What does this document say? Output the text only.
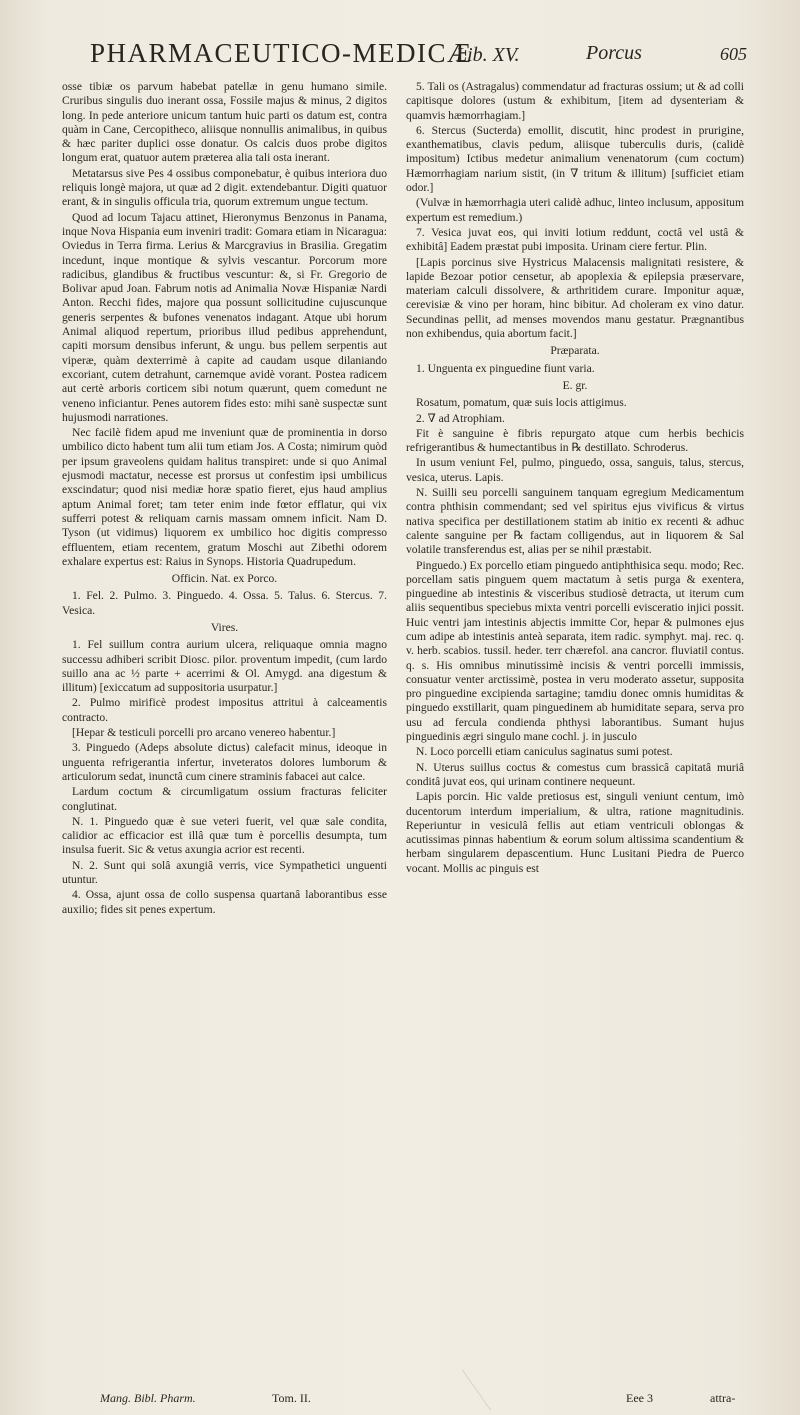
PHARMACEUTICO-MEDICÆ
Lib. XV.	Porcus	605

osse tibiæ os parvum habebat patellæ in genu humano simile. Cruribus singulis duo inerant ossa, Fossile majus & minus, 2 digitos long. In pede anteriore unicum tantum huic parti os datum est, contra quàm in Cane, Cercopitheco, aliisque nonnullis animalibus, in quibus & hæc pariter duplici osse donatur. Os calcis duos probe digitos longum erat, quatuor autem præterea alia tali osta inerant.

Metatarsus sive Pes 4 ossibus componebatur, è quibus interiora duo reliquis longè majora, ut quæ ad 2 digit. extendebantur. Digiti quatuor erant, & in singulis officula tria, quorum extremum ungue tectum.

Quod ad locum Tajacu attinet, Hieronymus Benzonus in Panama, inque Nova Hispania eum inveniri tradit: Gomara etiam in Nicaragua: Oviedus in Terra firma. Lerius & Marcgravius in Brasilia. Gregatim incedunt, inque montique & sylvis vescantur. Porcorum more radicibus, glandibus & fructibus vescuntur: &, si Fr. Gregorio de Bolivar apud Joan. Fabrum notis ad Animalia Novæ Hispaniæ Nardi Anton. Recchi fides, majore qua possunt sollicitudine cujuscunque generis serpentes & bufones venenatos indagant. Atque ubi horum Animal aliquod repertum, prioribus illud pedibus apprehendunt, capiti morsum densibus inferunt, & ungu. bus pellem serpentis aut viperæ, quàm dexterrimè à capite ad caudam usque dilaniando excoriant, cutem detrahunt, carnemque avidè vorant. Postea radicem aut certè arboris corticem sibi notum quærunt, quem comedunt ne veneno inficiantur. Penes autorem fides esto: mihi sanè suspectæ sunt hujusmodi narrationes.

Nec facilè fidem apud me inveniunt quæ de prominentia in dorso umbilico dicto habent tum alii tum etiam Jos. A Costa; nimirum quòd per ipsum graveolens quidam halitus transpiret: unde si quo Animal ejusmodi mactatur, necesse est prorsus ut confestim ipsi umbilicus exscindatur; quod nisi mediæ horæ spatio fieret, ejus haud amplius aptum Animal foret; tam teter enim inde fœtor efflatur, qui vix sufferri potest & reliquam carnis massam omnem inficit. Nam D. Tyson (ut vidimus) liquorem ex umbilico hoc digitis compresso effluentem, etiam recentem, gratum Moschi aut Zibethi odorem exhalare expertus est: Raius in Synops. Historia Quadrupedum.

Officin. Nat. ex Porco.

1. Fel. 2. Pulmo. 3. Pinguedo. 4. Ossa. 5. Talus. 6. Stercus. 7. Vesica.

Vires.

1. Fel suillum contra aurium ulcera, reliquaque omnia magno successu adhiberi scribit Diosc. pilor. proventum impedit, (cum lardo suillo ana ac ½ parte + acerrimi & Ol. Amygd. ana digestum & illitum) [exiccatum ad suppositoria usurpatur.]

2. Pulmo mirificè prodest impositus attritui à calceamentis contracto.

[Hepar & testiculi porcelli pro arcano venereo habentur.]

3. Pinguedo (Adeps absolute dictus) calefacit minus, ideoque in unguenta refrigerantia infertur, inveteratos dolores lumborum & articulorum sedat, inunctâ cum cinere straminis fabacei aut calce.

Lardum coctum & circumligatum ossium fracturas feliciter conglutinat.

N. 1. Pinguedo quæ è sue veteri fuerit, vel quæ sale condita, calidior ac efficacior est illâ quæ tum è porcellis desumpta, tum insulsa fuerit. Sic & vetus axungia acrior est recenti.

N. 2. Sunt qui solâ axungiâ verris, vice Sympathetici unguenti utuntur.

4. Ossa, ajunt ossa de collo suspensa quartanâ laborantibus esse auxilio; fides sit penes expertum.

5. Tali os (Astragalus) commendatur ad fracturas ossium; ut & ad colli capitisque dolores (ustum & exhibitum, [item ad dysenteriam & quamvis hæmorrhagiam.]

6. Stercus (Sucterda) emollit, discutit, hinc prodest in prurigine, exanthematibus, clavis pedum, aliisque tuberculis duris, (calidè impositum) Ictibus medetur animalium venenatorum (cum coctum) Hæmorrhagiam narium sistit, (in ∇ tritum & illitum) [sufficiet etiam odor.]

(Vulvæ in hæmorrhagia uteri calidè adhuc, linteo inclusum, appositum expertum est remedium.)

7. Vesica juvat eos, qui inviti lotium reddunt, coctâ vel ustâ & exhibitâ] Eadem præstat pubi imposita. Urinam ciere fertur. Plin.

[Lapis porcinus sive Hystricus Malacensis malignitati resistere, & lapide Bezoar potior censetur, ab apoplexia & epilepsia præservare, materiam calculi dissolvere, & arthritidem curare. Imponitur aquæ, cerevisiæ & vino per horam, hinc bibitur. Ad choleram ex vino datur. Secundinas pellit, ad menses movendos manu gestatur. Prægnantibus non exhibendus, quia abortum facit.]

Præparata.

1. Unguenta ex pinguedine fiunt varia.

E. gr.

Rosatum, pomatum, quæ suis locis attigimus.

2. ∇ ad Atrophiam.

Fit è sanguine è fibris repurgato atque cum herbis bechicis refrigerantibus & humectantibus in ℞ destillato. Schroderus.

In usum veniunt Fel, pulmo, pinguedo, ossa, sanguis, talus, stercus, vesica, uterus. Lapis.

N. Suilli seu porcelli sanguinem tanquam egregium Medicamentum contra phthisin commendant; sed vel spiritus ejus vivificus & virtus nativa specifica per destillationem statim ab initio ex recenti & adhuc calente sanguine per ℞ factam colligendus, aut in liquorem & Sal volatile transferendus est, alias per se nihil præstabit.

Pinguedo.) Ex porcello etiam pinguedo antiphthisica sequ. modo; Rec. porcellam satis pinguem quem mactatum à setis purga & exentera, pinguedine ab intestinis & visceribus studiosè detracta, ut iterum cum aliis sequentibus speciebus mixta ventri porcelli evisceratio injici possit. Huic ventri jam intestinis abjectis immitte Cor, hepar & pulmones ejus cum adipe ab intestinis anteà separata, item radic. symphyt. maj. rec. q. v. herb. scabios. tussil. heder. terr chærefol. ana cancror. fluviatil contus. q. s. His omnibus minutissimè incisis & ventri porcelli immissis, consuatur venter arctissimè, postea in veru moderato assetur, supposita pro pinguedine excipienda sartagine; tamdiu donec omnis humiditas & pinguedo exstillarit, quam pinguedinem ab humiditate separa, serva pro usu ad fercula condienda phthysi laborantibus. Sumant hujus pinguedinis ægri singulo mane cochl. j. in jusculo

N. Loco porcelli etiam caniculus saginatus sumi potest.

N. Uterus suillus coctus & comestus cum brassicâ capitatâ muriâ conditâ juvat eos, qui urinam continere nequeunt.

Lapis porcin. Hic valde pretiosus est, singuli veniunt centum, imò ducentorum interdum imperialium, & ultra, ratione magnitudinis. Reperiuntur in vesiculâ fellis aut etiam ventriculi oblongas & acutissimas pinnas habentium & eorum solum altissima scandentium & herbam singularem depascentium. Hunc Lusitani Piedra de Puerco vocant. Mollis ac pinguis est

Mang. Bibl. Pharm.	Tom. II.	Eee 3	attra-
